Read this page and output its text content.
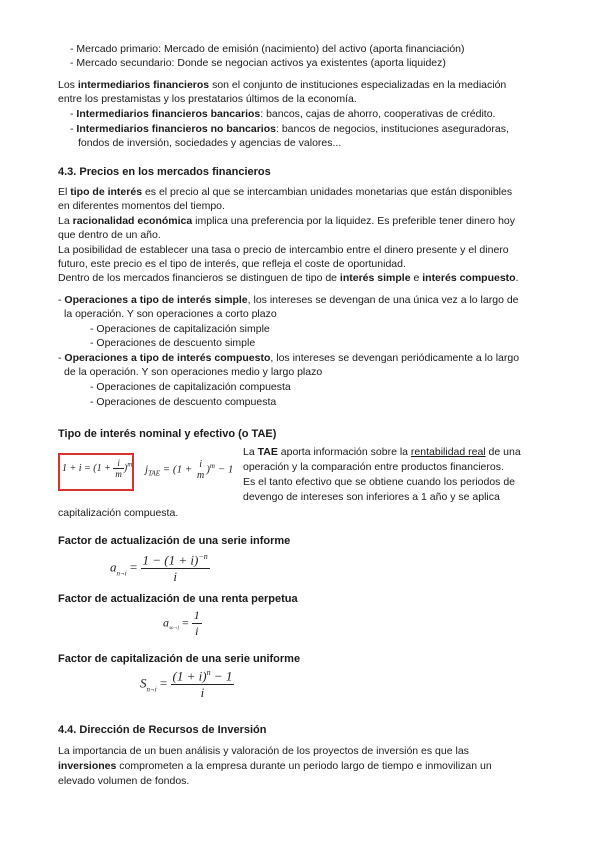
- Mercado primario: Mercado de emisión (nacimiento) del activo (aporta financiación)
- Mercado secundario: Donde se negocian activos ya existentes (aporta liquidez)
Los intermediarios financieros son el conjunto de instituciones especializadas en la mediación
entre los prestamistas y los prestatarios últimos de la economía.
- Intermediarios financieros bancarios: bancos, cajas de ahorro, cooperativas de crédito.
- Intermediarios financieros no bancarios: bancos de negocios, instituciones aseguradoras,
fondos de inversión, sociedades y agencias de valores...
4.3. Precios en los mercados financieros
El tipo de interés es el precio al que se intercambian unidades monetarias que están disponibles
en diferentes momentos del tiempo.
La racionalidad económica implica una preferencia por la liquidez. Es preferible tener dinero hoy
que dentro de un año.
La posibilidad de establecer una tasa o precio de intercambio entre el dinero presente y el dinero
futuro, este precio es el tipo de interés, que refleja el coste de oportunidad.
Dentro de los mercados financieros se distinguen de tipo de interés simple e interés compuesto.
- Operaciones a tipo de interés simple, los intereses se devengan de una única vez a lo largo de
la operación. Y son operaciones a corto plazo
- Operaciones de capitalización simple
- Operaciones de descuento simple
- Operaciones a tipo de interés compuesto, los intereses se devengan periódicamente a lo largo
de la operación. Y son operaciones medio y largo plazo
- Operaciones de capitalización compuesta
- Operaciones de descuento compuesta
Tipo de interés nominal y efectivo (o TAE)
$1 + i = (1 + \frac{i}{m} )^m$ $j_{TAE} = (1 + i$
m )$^m$ − 1
La TAE aporta información sobre la rentabilidad real de una
operación y la comparación entre productos financieros.
Es el tanto efectivo que se obtiene cuando los periodos de
devengo de intereses son inferiores a 1 año y se aplica
capitalización compuesta.
Factor de actualización de una serie informe
$a_{n\neg i} = \frac{1 - (1 + i)^{-n}}{i}$
Factor de actualización de una renta perpetua
$a_{\infty\neg i} = \frac{1}{i}$
Factor de capitalización de una serie uniforme
$S_{n\neg i} = \frac{(1 + i)^n - 1}{i}$
4.4. Dirección de Recursos de Inversión
La importancia de un buen análisis y valoración de los proyectos de inversión es que las
inversiones comprometen a la empresa durante un periodo largo de tiempo e inmovilizan un
elevado volumen de fondos.
